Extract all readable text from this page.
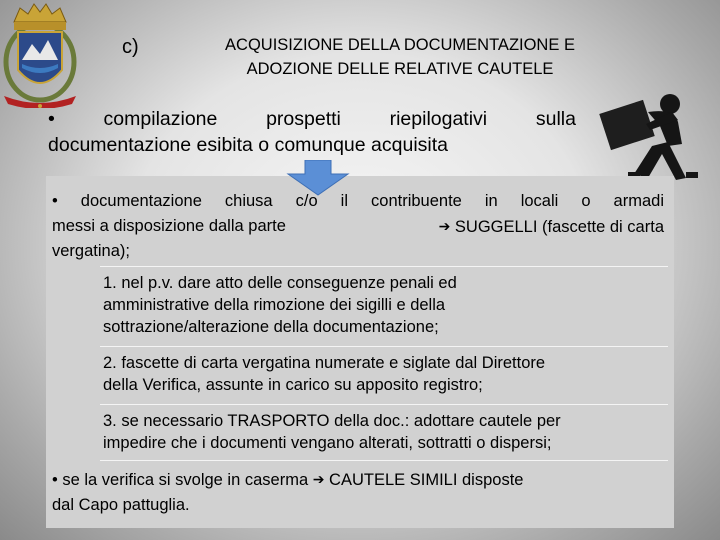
c)	ACQUISIZIONE DELLA DOCUMENTAZIONE E
ADOZIONE DELLE RELATIVE CAUTELE
• compilazione prospetti riepilogativi sulla
documentazione esibita o comunque acquisita
• documentazione chiusa c/o il contribuente in locali o armadi
messi a disposizione dalla parte	➔ SUGGELLI (fascette di carta
vergatina);
1. nel p.v. dare atto delle conseguenze penali ed
amministrative della rimozione dei sigilli e della
sottrazione/alterazione della documentazione;
2. fascette di carta vergatina numerate e siglate dal Direttore
della Verifica, assunte in carico su apposito registro;
3. se necessario TRASPORTO della doc.: adottare cautele per
impedire che i documenti vengano alterati, sottratti o dispersi;
• se la verifica si svolge in caserma ➔ CAUTELE SIMILI disposte
dal Capo pattuglia.
